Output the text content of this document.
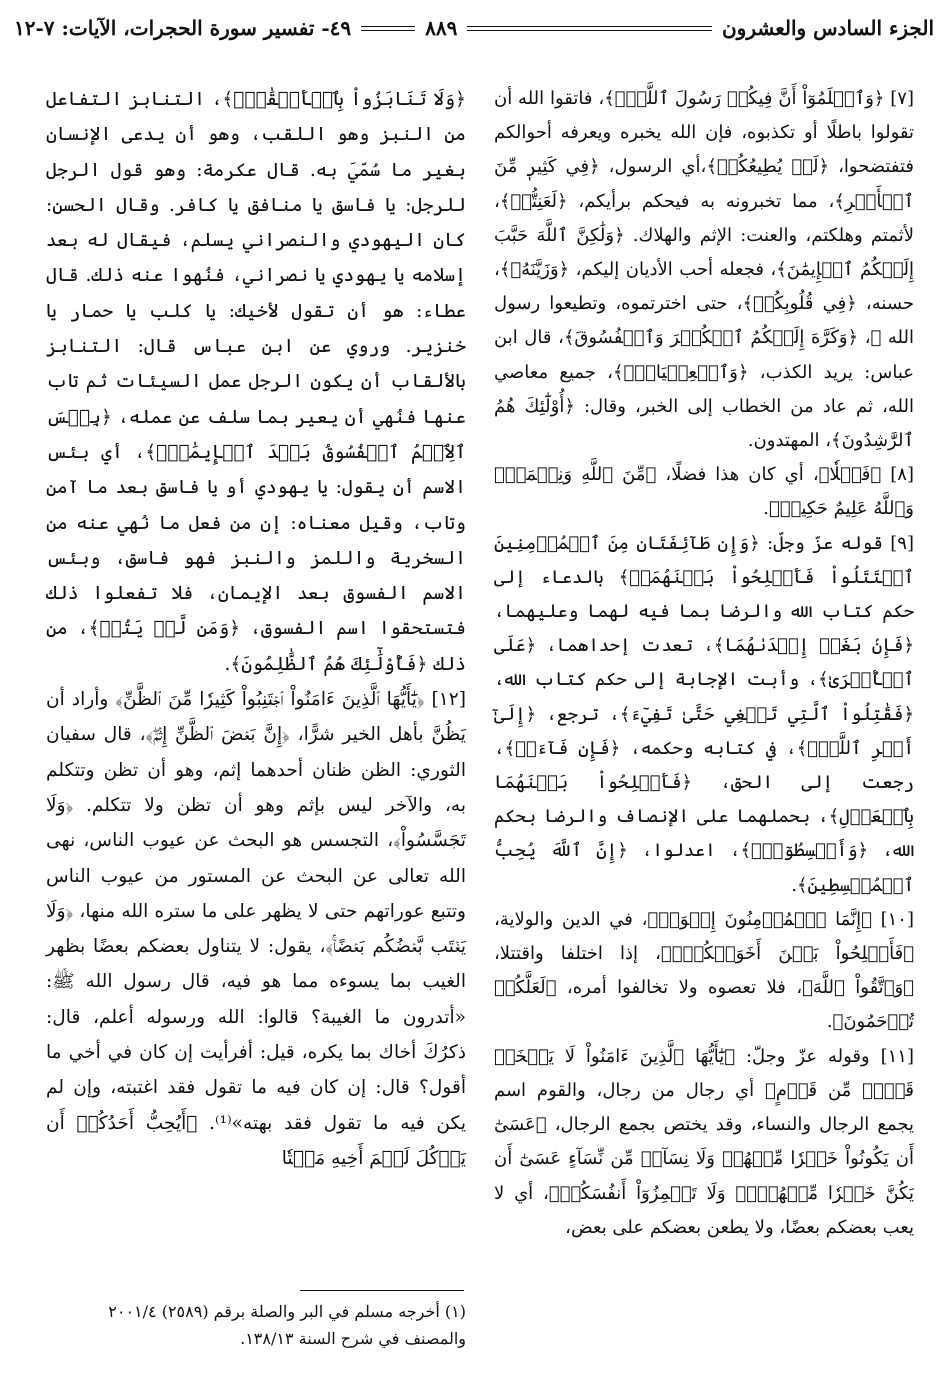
الجزء السادس والعشرون
٨٨٩
٤٩- تفسير سورة الحجرات، الآيات: ٧-١٢

[٧] ﴿وَٱعۡلَمُوٓاْ أَنَّ فِيكُمۡ رَسُولَ ٱللَّهِۚ﴾، فاتقوا الله أن تقولوا باطلًا أو تكذبوه، فإن الله يخبره ويعرفه أحوالكم فتفتضحوا، ﴿لَوۡ يُطِيعُكُمۡ﴾،أي الرسول، ﴿فِي كَثِيرٖ مِّنَ ٱلۡأَمۡرِ﴾، مما تخبرونه به فيحكم برأيكم، ﴿لَعَنِتُّمۡ﴾، لأثمتم وهلكتم، والعنت: الإثم والهلاك. ﴿وَلَٰكِنَّ ٱللَّهَ حَبَّبَ إِلَيۡكُمُ ٱلۡإِيمَٰنَ﴾، فجعله أحب الأديان إليكم، ﴿وَزَيَّنَهُۥ﴾، حسنه، ﴿فِي قُلُوبِكُمۡ﴾، حتى اخترتموه، وتطيعوا رسول الله ﷺ، ﴿وَكَرَّهَ إِلَيۡكُمُ ٱلۡكُفۡرَ وَٱلۡفُسُوقَ﴾، قال ابن عباس: يريد الكذب، ﴿وَٱلۡعِصۡيَانَۚ﴾، جميع معاصي الله، ثم عاد من الخطاب إلى الخبر، وقال: ﴿أُوْلَٰٓئِكَ هُمُ ٱلرَّٰشِدُونَ﴾، المهتدون.

[٨] ﴿فَضۡلٗا﴾، أي كان هذا فضلًا، ﴿مِّنَ ٱللَّهِ وَنِعۡمَةٗۚ وَٱللَّهُ عَلِيمٌ حَكِيمٞ﴾.

[٩] قوله عزّ وجلّ: ﴿وَإِن طَآئِفَتَانِ مِنَ ٱلۡمُؤۡمِنِينَ ٱقۡتَتَلُواْ فَأَصۡلِحُواْ بَيۡنَهُمَاۖ﴾ بالدعاء إلى حكم كتاب الله والرضا بما فيه لهما وعليهما، ﴿فَإِنۢ بَغَتۡ إِحۡدَىٰهُمَا﴾، تعدت إحداهما، ﴿عَلَى ٱلۡأُخۡرَىٰ﴾، وأبت الإجابة إلى حكم كتاب الله، ﴿فَقَٰتِلُواْ ٱلَّتِي تَبۡغِي حَتَّىٰ تَفِيٓءَ﴾، ترجع، ﴿إِلَىٰٓ أَمۡرِ ٱللَّهِۚ﴾، في كتابه وحكمه، ﴿فَإِن فَآءَتۡ﴾، رجعت إلى الحق، ﴿فَأَصۡلِحُواْ بَيۡنَهُمَا بِٱلۡعَدۡلِ﴾، بحملهما على الإنصاف والرضا بحكم الله، ﴿وَأَقۡسِطُوٓاْۖ﴾، اعدلوا، ﴿إِنَّ ٱللَّهَ يُحِبُّ ٱلۡمُقۡسِطِينَ﴾.

[١٠] ﴿إِنَّمَا ٱلۡمُؤۡمِنُونَ إِخۡوَةٞ﴾، في الدين والولاية، ﴿فَأَصۡلِحُواْ بَيۡنَ أَخَوَيۡكُمۡۚ﴾، إذا اختلفا واقتتلا، ﴿وَٱتَّقُواْ ٱللَّهَ﴾، فلا تعصوه ولا تخالفوا أمره، ﴿لَعَلَّكُمۡ تُرۡحَمُونَ﴾.

[١١] وقوله عزّ وجلّ: ﴿يَٰٓأَيُّهَا ٱلَّذِينَ ءَامَنُواْ لَا يَسۡخَرۡ قَوۡمٞ مِّن قَوۡمٍ﴾ أي رجال من رجال، والقوم اسم يجمع الرجال والنساء، وقد يختص بجمع الرجال، ﴿عَسَىٰٓ أَن يَكُونُواْ خَيۡرٗا مِّنۡهُمۡ وَلَا نِسَآءٞ مِّن نِّسَآءٍ عَسَىٰٓ أَن يَكُنَّ خَيۡرٗا مِّنۡهُنَّۖ وَلَا تَلۡمِزُوٓاْ أَنفُسَكُمۡ﴾، أي لا يعب بعضكم بعضًا، ولا يطعن بعضكم على بعض،

﴿وَلَا تَنَابَزُواْ بِٱلۡأَلۡقَٰبِۖ﴾، التنابز التفاعل من النبز وهو اللقب، وهو أن يدعى الإنسان بغير ما سُمّيَ به. قال عكرمة: وهو قول الرجل للرجل: يا فاسق يا منافق يا كافر. وقال الحسن: كان اليهودي والنصراني يسلم، فيقال له بعد إسلامه يا يهودي يا نصراني، فنُهوا عنه ذلك. قال عطاء: هو أن تقول لأخيك: يا كلب يا حمار يا خنزير. وروي عن ابن عباس قال: التنابز بالألقاب أن يكون الرجل عمل السيئات ثم تاب عنها فنُهي أن يعير بما سلف عن عمله، ﴿بِئۡسَ ٱلِٱسۡمُ ٱلۡفُسُوقُ بَعۡدَ ٱلۡإِيمَٰنِۚ﴾، أي بئس الاسم أن يقول: يا يهودي أو يا فاسق بعد ما آمن وتاب، وقيل معناه: إن من فعل ما نُهي عنه من السخرية واللمز والنبز فهو فاسق، وبئس الاسم الفسوق بعد الإيمان، فلا تفعلوا ذلك فتستحقوا اسم الفسوق، ﴿وَمَن لَّمۡ يَتُبۡ﴾، من ذلك ﴿فَأُوْلَٰٓئِكَ هُمُ ٱلظَّٰلِمُونَ﴾.

[١٢] ﴿يَٰٓأَيُّهَا ٱلَّذِينَ ءَامَنُواْ ٱجۡتَنِبُواْ كَثِيرٗا مِّنَ ٱلظَّنِّ﴾ وأراد أن يَظُنَّ بأهل الخير شرًّا، ﴿إِنَّ بَعۡضَ ٱلظَّنِّ إِثۡمٞۖ﴾، قال سفيان الثوري: الظن ظنان أحدهما إثم، وهو أن تظن وتتكلم به، والآخر ليس بإثم وهو أن تظن ولا تتكلم. ﴿وَلَا تَجَسَّسُواْ﴾، التجسس هو البحث عن عيوب الناس، نهى الله تعالى عن البحث عن المستور من عيوب الناس وتتبع عوراتهم حتى لا يظهر على ما ستره الله منها، ﴿وَلَا يَغۡتَب بَّعۡضُكُم بَعۡضًاۚ﴾، يقول: لا يتناول بعضكم بعضًا بظهر الغيب بما يسوءه مما هو فيه، قال رسول الله ﷺ: «أتدرون ما الغيبة؟ قالوا: الله ورسوله أعلم، قال: ذكرُكَ أخاك بما يكره، قيل: أفرأيت إن كان في أخي ما أقول؟ قال: إن كان فيه ما تقول فقد اغتبته، وإن لم يكن فيه ما تقول فقد بهته»⁽¹⁾. ﴿أَيُحِبُّ أَحَدُكُمۡ أَن يَأۡكُلَ لَحۡمَ أَخِيهِ مَيۡتٗا

(١) أخرجه مسلم في البر والصلة برقم (٢٥٨٩) ٢٠٠١/٤ والمصنف في شرح السنة ١٣٨/١٣.
